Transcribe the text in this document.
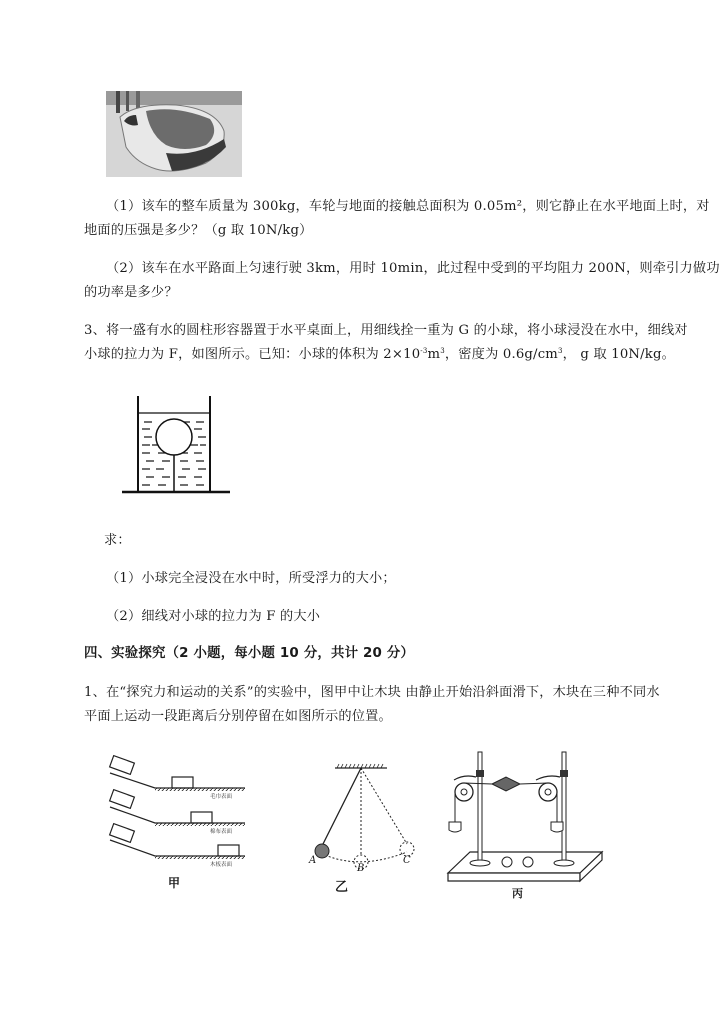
（1）该车的整车质量为 300kg，车轮与地面的接触总面积为 0.05m²，则它静止在水平地面上时，对
地面的压强是多少？（g 取 10N/kg）
（2）该车在水平路面上匀速行驶 3km，用时 10min，此过程中受到的平均阻力 200N，则牵引力做功
的功率是多少？
3、将一盛有水的圆柱形容器置于水平桌面上，用细线拴一重为 G 的小球，将小球浸没在水中，细线对
小球的拉力为 F，如图所示。已知：小球的体积为 $2\times 10^{-3}m^3$，密度为 $0.6g/cm^3$， g 取 10N/kg。
求：
（1）小球完全浸没在水中时，所受浮力的大小；
（2）细线对小球的拉力为 F 的大小
四、实验探究（2 小题，每小题 10 分，共计 20 分）
1、在“探究力和运动的关系”的实验中，图甲中让木块 由静止开始沿斜面滑下，木块在三种不同水
平面上运动一段距离后分别停留在如图所示的位置。
毛巾表面
棉布表面
木板表面
甲
A
B
C
乙	丙
